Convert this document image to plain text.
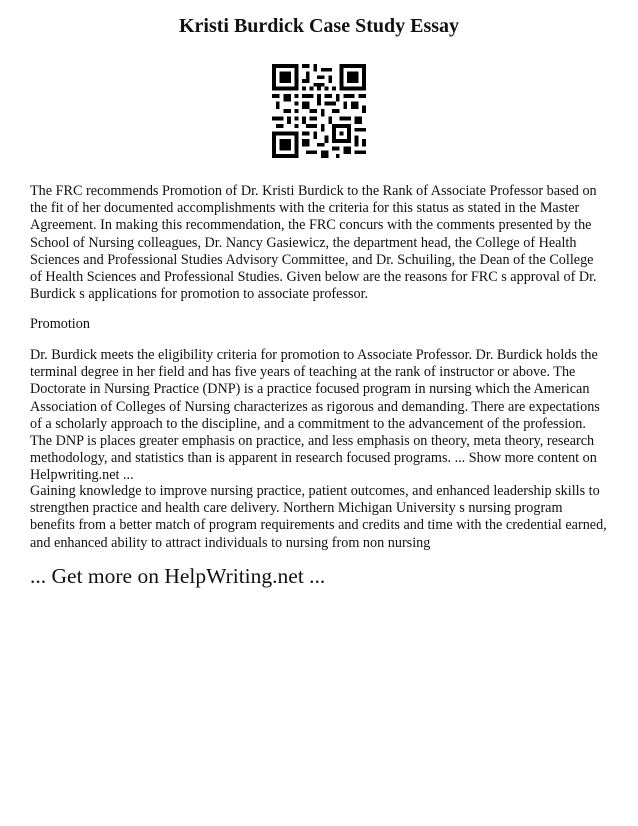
Kristi Burdick Case Study Essay
The FRC recommends Promotion of Dr. Kristi Burdick to the Rank of Associate Professor based on the fit of her documented accomplishments with the criteria for this status as stated in the Master Agreement. In making this recommendation, the FRC concurs with the comments presented by the School of Nursing colleagues, Dr. Nancy Gasiewicz, the department head, the College of Health Sciences and Professional Studies Advisory Committee, and Dr. Schuiling, the Dean of the College of Health Sciences and Professional Studies. Given below are the reasons for FRC s approval of Dr. Burdick s applications for promotion to associate professor.
Promotion
Dr. Burdick meets the eligibility criteria for promotion to Associate Professor. Dr. Burdick holds the terminal degree in her field and has five years of teaching at the rank of instructor or above. The Doctorate in Nursing Practice (DNP) is a practice focused program in nursing which the American Association of Colleges of Nursing characterizes as rigorous and demanding. There are expectations of a scholarly approach to the discipline, and a commitment to the advancement of the profession. The DNP is places greater emphasis on practice, and less emphasis on theory, meta theory, research methodology, and statistics than is apparent in research focused programs. ... Show more content on Helpwriting.net ...
Gaining knowledge to improve nursing practice, patient outcomes, and enhanced leadership skills to strengthen practice and health care delivery. Northern Michigan University s nursing program benefits from a better match of program requirements and credits and time with the credential earned, and enhanced ability to attract individuals to nursing from non nursing
... Get more on HelpWriting.net ...
